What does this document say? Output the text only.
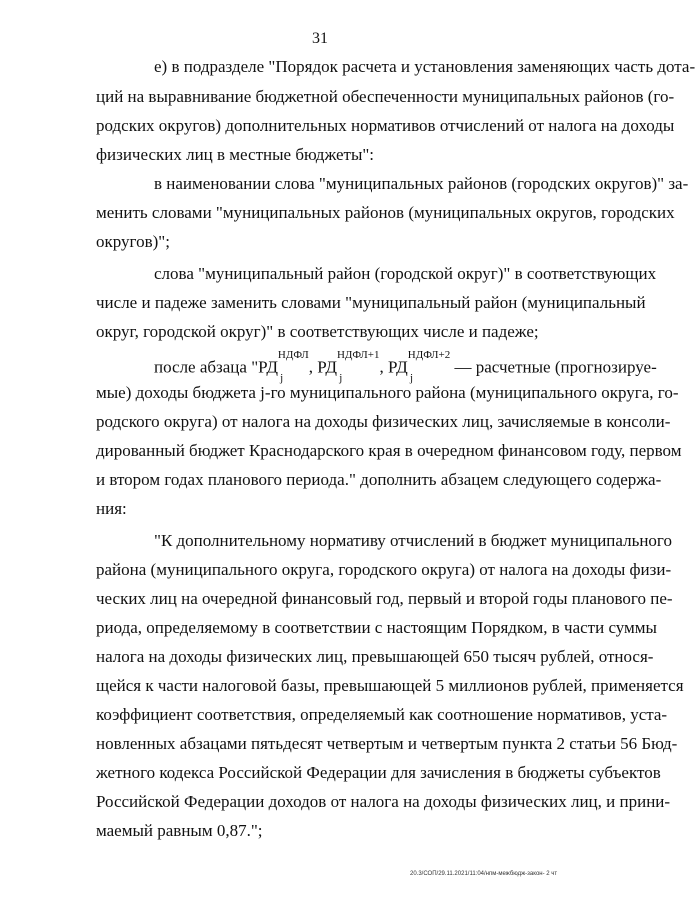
31
е) в подразделе "Порядок расчета и установления заменяющих часть дота-
ций на выравнивание бюджетной обеспеченности муниципальных районов (го-
родских округов) дополнительных нормативов отчислений от налога на доходы
физических лиц в местные бюджеты":
в наименовании слова "муниципальных районов (городских округов)" за-
менить словами "муниципальных районов (муниципальных округов, городских
округов)";
слова "муниципальный район (городской округ)" в соответствующих
числе и падеже заменить словами "муниципальный район (муниципальный
округ, городской округ)" в соответствующих числе и падеже;
после абзаца "$РД^{НДФЛ}$
j
, $РД^{НДФЛ+1}$
j
, $РД^{НДФЛ+2}$
j
— расчетные (прогнозируе-
мые) доходы бюджета j-го муниципального района (муниципального округа, го-
родского округа) от налога на доходы физических лиц, зачисляемые в консоли-
дированный бюджет Краснодарского края в очередном финансовом году, первом
и втором годах планового периода." дополнить абзацем следующего содержа-
ния:
"К дополнительному нормативу отчислений в бюджет муниципального
района (муниципального округа, городского округа) от налога на доходы физи-
ческих лиц на очередной финансовый год, первый и второй годы планового пе-
риода, определяемому в соответствии с настоящим Порядком, в части суммы
налога на доходы физических лиц, превышающей 650 тысяч рублей, относя-
щейся к части налоговой базы, превышающей 5 миллионов рублей, применяется
коэффициент соответствия, определяемый как соотношение нормативов, уста-
новленных абзацами пятьдесят четвертым и четвертым пункта 2 статьи 56 Бюд-
жетного кодекса Российской Федерации для зачисления в бюджеты субъектов
Российской Федерации доходов от налога на доходы физических лиц, и прини-
маемый равным 0,87.";
20.3/СОП/29.11.2021/11:04/нпм-межбюдж-закон- 2 чт
